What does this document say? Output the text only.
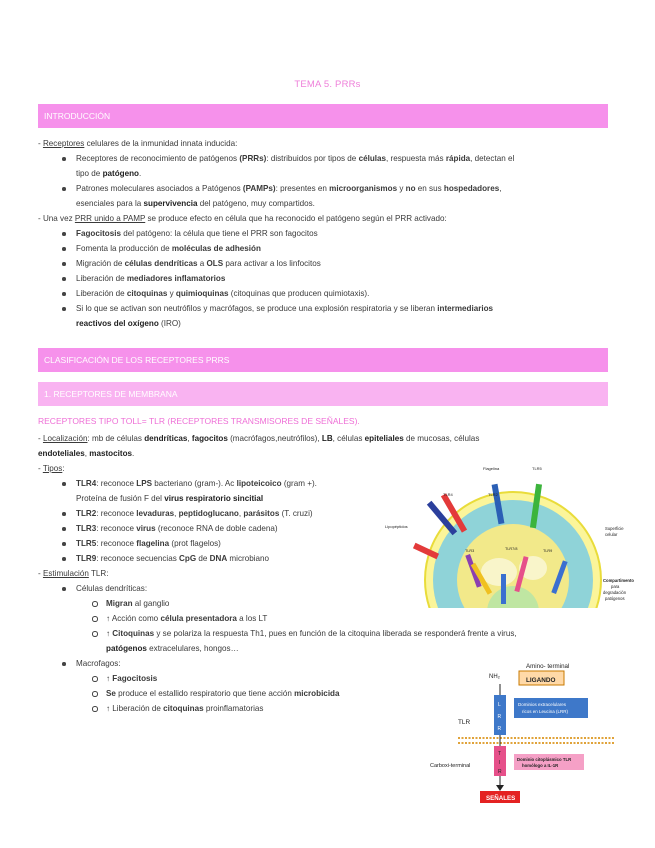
TEMA 5. PRRs
INTRODUCCIÓN
- Receptores celulares de la inmunidad innata inducida:
Receptores de reconocimiento de patógenos (PRRs): distribuidos por tipos de células, respuesta más rápida, detectan el
tipo de patógeno.
Patrones moleculares asociados a Patógenos (PAMPs): presentes en microorganismos y no en sus hospedadores,
esenciales para la supervivencia del patógeno, muy compartidos.
- Una vez PRR unido a PAMP se produce efecto en célula que ha reconocido el patógeno según el PRR activado:
Fagocitosis del patógeno: la célula que tiene el PRR son fagocitos
Fomenta la producción de moléculas de adhesión
Migración de células dendríticas a OLS para activar a los linfocitos
Liberación de mediadores inflamatorios
Liberación de citoquinas y quimioquinas (citoquinas que producen quimiotaxis).
Si lo que se activan son neutrófilos y macrófagos, se produce una explosión respiratoria y se liberan intermediarios
reactivos del oxígeno (IRO)
CLASIFICACIÓN DE LOS RECEPTORES PRRS
1. RECEPTORES DE MEMBRANA
RECEPTORES TIPO TOLL= TLR (RECEPTORES TRANSMISORES DE SEÑALES).
- Localización: mb de células dendríticas, fagocitos (macrófagos,neutrófilos), LB, células epiteliales de mucosas, células
endoteliales, mastocitos.
- Tipos:
TLR4: reconoce LPS bacteriano (gram-). Ac lipoteicoico (gram +).
Proteína de fusión F del virus respiratorio sincitial
TLR2: reconoce levaduras, peptidoglucano, parásitos (T. cruzi)
TLR3: reconoce virus (reconoce RNA de doble cadena)
TLR5: reconoce flagelina (prot flagelos)
TLR9: reconoce secuencias CpG de DNA microbiano
- Estimulación TLR:
Células dendríticas:
Migran al ganglio
↑ Acción como célula presentadora a los LT
↑ Citoquinas y se polariza la respuesta Th1, pues en función de la citoquina liberada se responderá frente a virus,
patógenos extracelulares, hongos…
Macrofagos:
↑ Fagocitosis
Se produce el estallido respiratorio que tiene acción microbicida
↑ Liberación de citoquinas proinflamatorias
Superficie
celular
Compartimento
para
degradación
patógenos
Lipopéptidos
Flagelina	TLR5
TLR4	TLR2
TLR3	TLR7/8	TLR9
Amino- terminal
NH₂	LIGANDO
L
R
R
Dominios extracelulares
ricos en Leucina (LRR)
TLR
T
I
R
Dominio citoplásmico TLR
homólogo a IL-1R
Carboxi-terminal
SEÑALES
